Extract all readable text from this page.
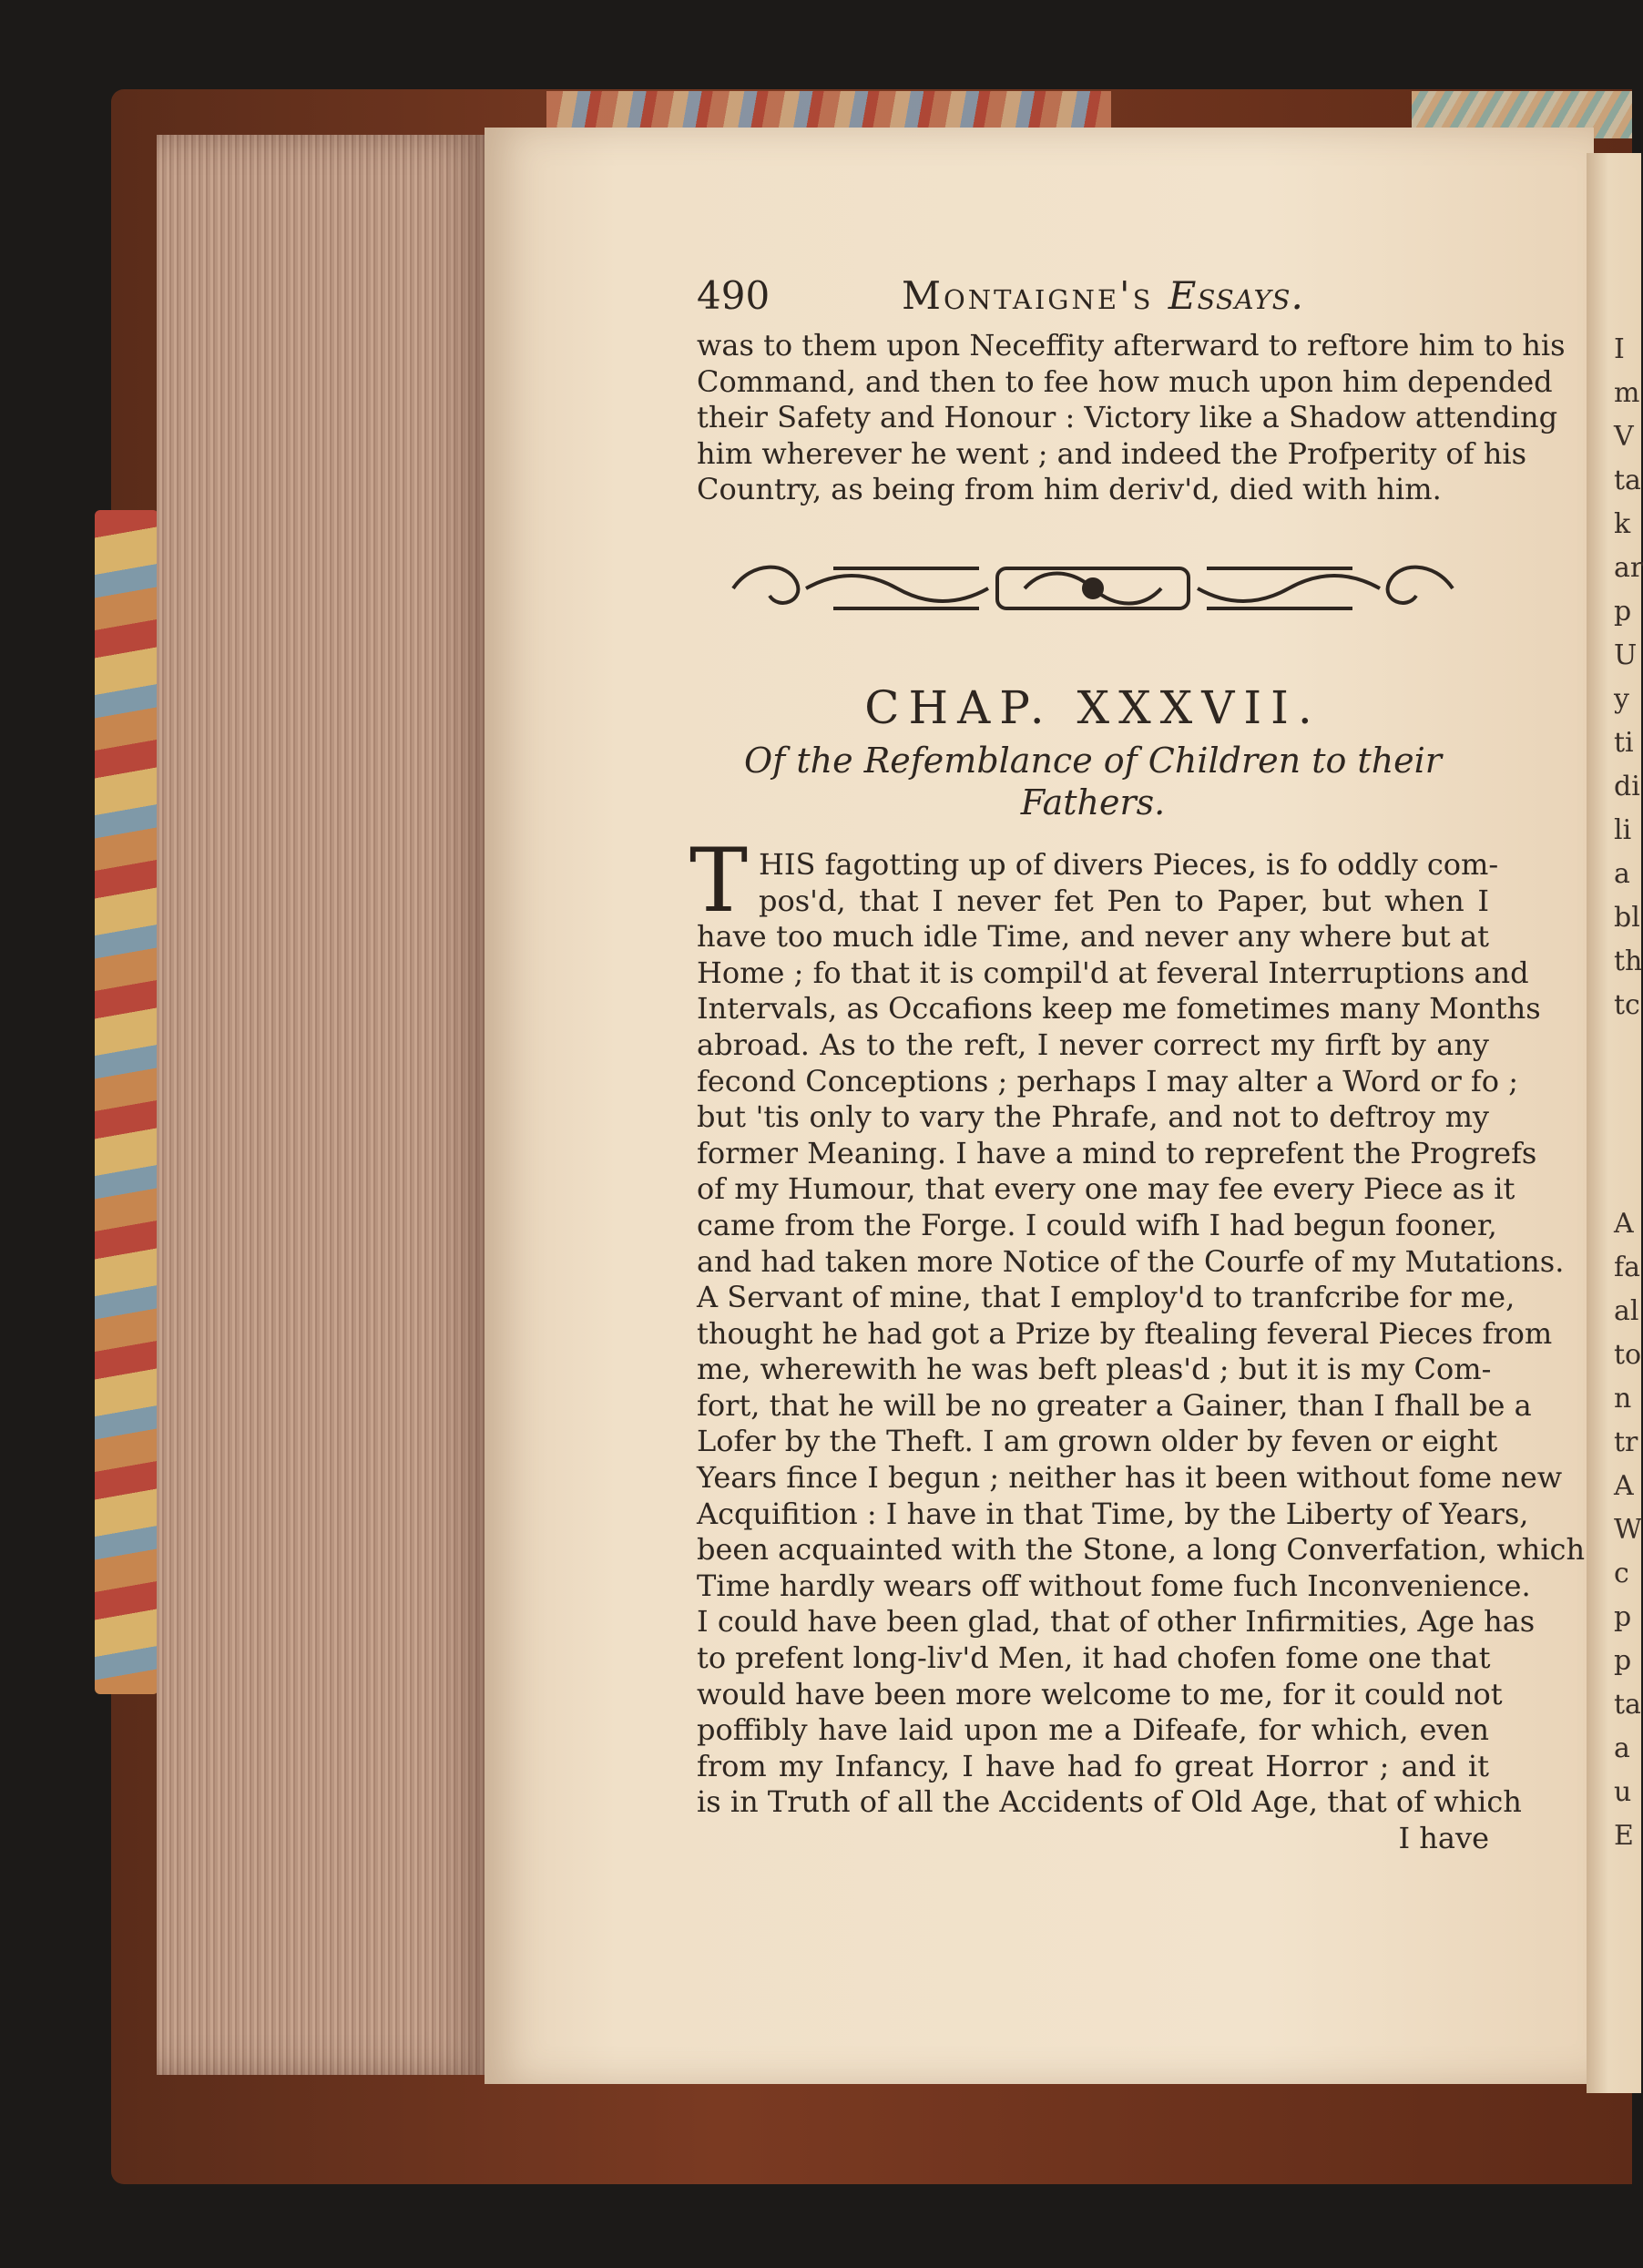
I
m
V
ta
k
ar
p
U
y
ti
di
li
a
bl
th
tc
A
fa
al
to
n
tr
A
W
c
p
p
ta
a
u
E
490	Montaigne's Essays.
was to them upon Neceffity afterward to reftore him to his
Command, and then to fee how much upon him depended
their Safety and Honour : Victory like a Shadow attending
him wherever he went ; and indeed the Profperity of his
Country, as being from him deriv'd, died with him.
CHAP. XXXVII.
Of the Refemblance of Children to their
Fathers.
T HIS fagotting up of divers Pieces, is fo oddly com-
pos'd, that I never fet Pen to Paper, but when I
have too much idle Time, and never any where but at
Home ; fo that it is compil'd at feveral Interruptions and
Intervals, as Occafions keep me fometimes many Months
abroad. As to the reft, I never correct my firft by any
fecond Conceptions ; perhaps I may alter a Word or fo ;
but 'tis only to vary the Phrafe, and not to deftroy my
former Meaning. I have a mind to reprefent the Progrefs
of my Humour, that every one may fee every Piece as it
came from the Forge. I could wifh I had begun fooner,
and had taken more Notice of the Courfe of my Mutations.
A Servant of mine, that I employ'd to tranfcribe for me,
thought he had got a Prize by ftealing feveral Pieces from
me, wherewith he was beft pleas'd ; but it is my Com-
fort, that he will be no greater a Gainer, than I fhall be a
Lofer by the Theft. I am grown older by feven or eight
Years fince I begun ; neither has it been without fome new
Acquifition : I have in that Time, by the Liberty of Years,
been acquainted with the Stone, a long Converfation, which
Time hardly wears off without fome fuch Inconvenience.
I could have been glad, that of other Infirmities, Age has
to prefent long-liv'd Men, it had chofen fome one that
would have been more welcome to me, for it could not
poffibly have laid upon me a Difeafe, for which, even
from my Infancy, I have had fo great Horror ; and it
is in Truth of all the Accidents of Old Age, that of which
I have
